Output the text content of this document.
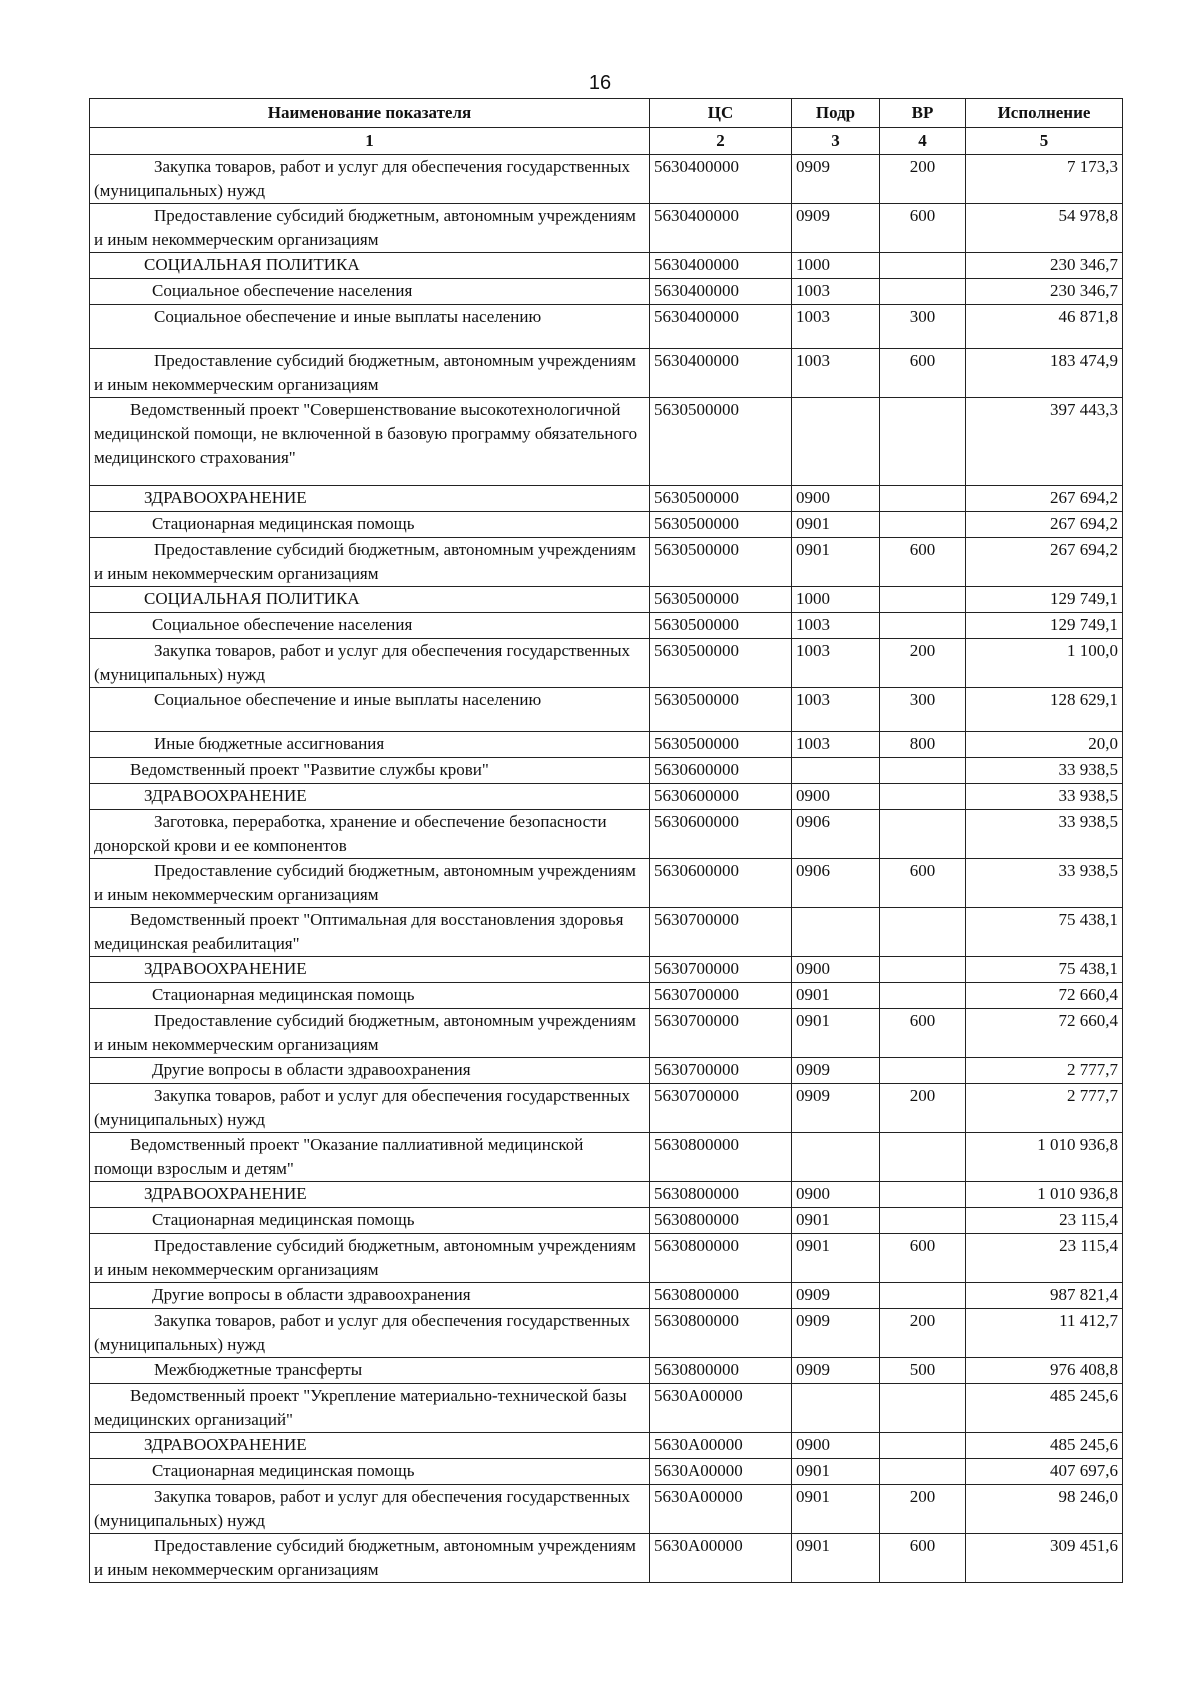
16
Наименование показателя	ЦС	Подр	ВР	Исполнение
1	2	3	4	5
Закупка товаров, работ и услуг для обеспечения государственных (муниципальных) нужд	5630400000	0909	200	7 173,3
Предоставление субсидий бюджетным, автономным учреждениям и иным некоммерческим организациям	5630400000	0909	600	54 978,8
СОЦИАЛЬНАЯ ПОЛИТИКА	5630400000	1000		230 346,7
Социальное обеспечение населения	5630400000	1003		230 346,7
Социальное обеспечение и иные выплаты населению	5630400000	1003	300	46 871,8
Предоставление субсидий бюджетным, автономным учреждениям и иным некоммерческим организациям	5630400000	1003	600	183 474,9
Ведомственный проект "Совершенствование высокотехнологичной медицинской помощи, не включенной в базовую программу обязательного медицинского страхования"	5630500000			397 443,3
ЗДРАВООХРАНЕНИЕ	5630500000	0900		267 694,2
Стационарная медицинская помощь	5630500000	0901		267 694,2
Предоставление субсидий бюджетным, автономным учреждениям и иным некоммерческим организациям	5630500000	0901	600	267 694,2
СОЦИАЛЬНАЯ ПОЛИТИКА	5630500000	1000		129 749,1
Социальное обеспечение населения	5630500000	1003		129 749,1
Закупка товаров, работ и услуг для обеспечения государственных (муниципальных) нужд	5630500000	1003	200	1 100,0
Социальное обеспечение и иные выплаты населению	5630500000	1003	300	128 629,1
Иные бюджетные ассигнования	5630500000	1003	800	20,0
Ведомственный проект "Развитие службы крови"	5630600000			33 938,5
ЗДРАВООХРАНЕНИЕ	5630600000	0900		33 938,5
Заготовка, переработка, хранение и обеспечение безопасности донорской крови и ее компонентов	5630600000	0906		33 938,5
Предоставление субсидий бюджетным, автономным учреждениям и иным некоммерческим организациям	5630600000	0906	600	33 938,5
Ведомственный проект "Оптимальная для восстановления здоровья медицинская реабилитация"	5630700000			75 438,1
ЗДРАВООХРАНЕНИЕ	5630700000	0900		75 438,1
Стационарная медицинская помощь	5630700000	0901		72 660,4
Предоставление субсидий бюджетным, автономным учреждениям и иным некоммерческим организациям	5630700000	0901	600	72 660,4
Другие вопросы в области здравоохранения	5630700000	0909		2 777,7
Закупка товаров, работ и услуг для обеспечения государственных (муниципальных) нужд	5630700000	0909	200	2 777,7
Ведомственный проект "Оказание паллиативной медицинской помощи взрослым и детям"	5630800000			1 010 936,8
ЗДРАВООХРАНЕНИЕ	5630800000	0900		1 010 936,8
Стационарная медицинская помощь	5630800000	0901		23 115,4
Предоставление субсидий бюджетным, автономным учреждениям и иным некоммерческим организациям	5630800000	0901	600	23 115,4
Другие вопросы в области здравоохранения	5630800000	0909		987 821,4
Закупка товаров, работ и услуг для обеспечения государственных (муниципальных) нужд	5630800000	0909	200	11 412,7
Межбюджетные трансферты	5630800000	0909	500	976 408,8
Ведомственный проект "Укрепление материально-технической базы медицинских организаций"	5630A00000			485 245,6
ЗДРАВООХРАНЕНИЕ	5630A00000	0900		485 245,6
Стационарная медицинская помощь	5630A00000	0901		407 697,6
Закупка товаров, работ и услуг для обеспечения государственных (муниципальных) нужд	5630A00000	0901	200	98 246,0
Предоставление субсидий бюджетным, автономным учреждениям и иным некоммерческим организациям	5630A00000	0901	600	309 451,6
